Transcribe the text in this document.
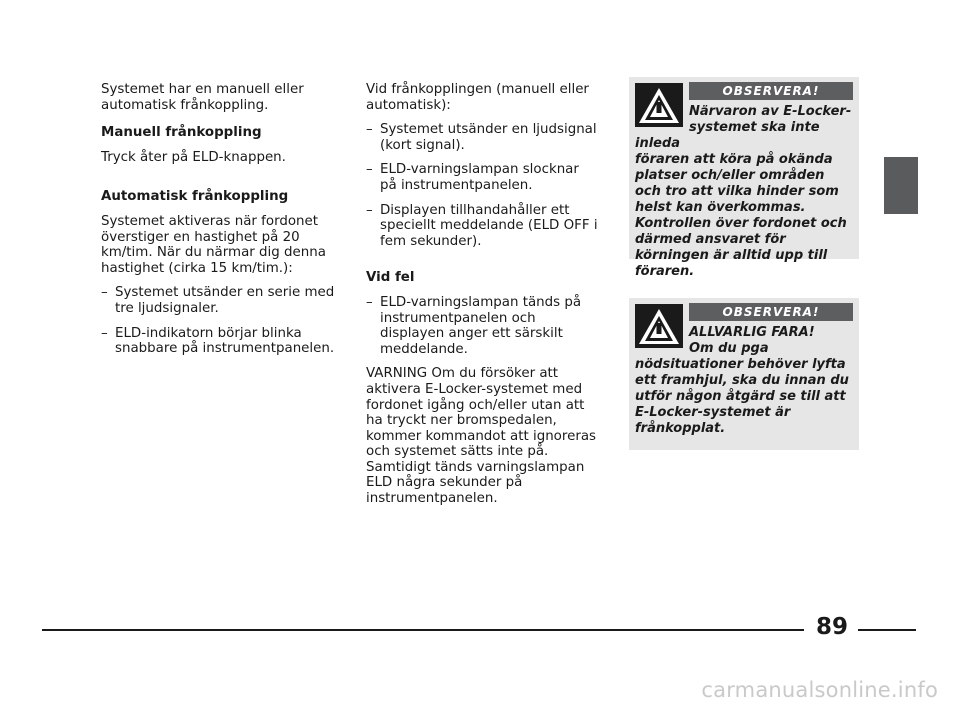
Systemet har en manuell eller automatisk frånkoppling.

Manuell frånkoppling

Tryck åter på ELD-knappen.

Automatisk frånkoppling

Systemet aktiveras när fordonet överstiger en hastighet på 20 km/tim. När du närmar dig denna hastighet (cirka 15 km/tim.):

– Systemet utsänder en serie med tre ljudsignaler.
– ELD-indikatorn börjar blinka snabbare på instrumentpanelen.

Vid frånkopplingen (manuell eller automatisk):

– Systemet utsänder en ljudsignal (kort signal).
– ELD-varningslampan slocknar på instrumentpanelen.
– Displayen tillhandahåller ett speciellt meddelande (ELD OFF i fem sekunder).

Vid fel

– ELD-varningslampan tänds på instrumentpanelen och displayen anger ett särskilt meddelande.

VARNING Om du försöker att aktivera E-Locker-systemet med fordonet igång och/eller utan att ha tryckt ner bromspedalen, kommer kommandot att ignoreras och systemet sätts inte på. Samtidigt tänds varningslampan ELD några sekunder på instrumentpanelen.

OBSERVERA!
Närvaron av E-Locker-
systemet ska inte inleda
föraren att köra på okända platser och/eller områden och tro att vilka hinder som helst kan överkommas. Kontrollen över fordonet och därmed ansvaret för körningen är alltid upp till föraren.
OBSERVERA!
ALLVARLIG FARA!
Om du pga
nödsituationer behöver lyfta ett framhjul, ska du innan du utför någon åtgärd se till att E-Locker-systemet är frånkopplat.
89
carmanualsonline.info
